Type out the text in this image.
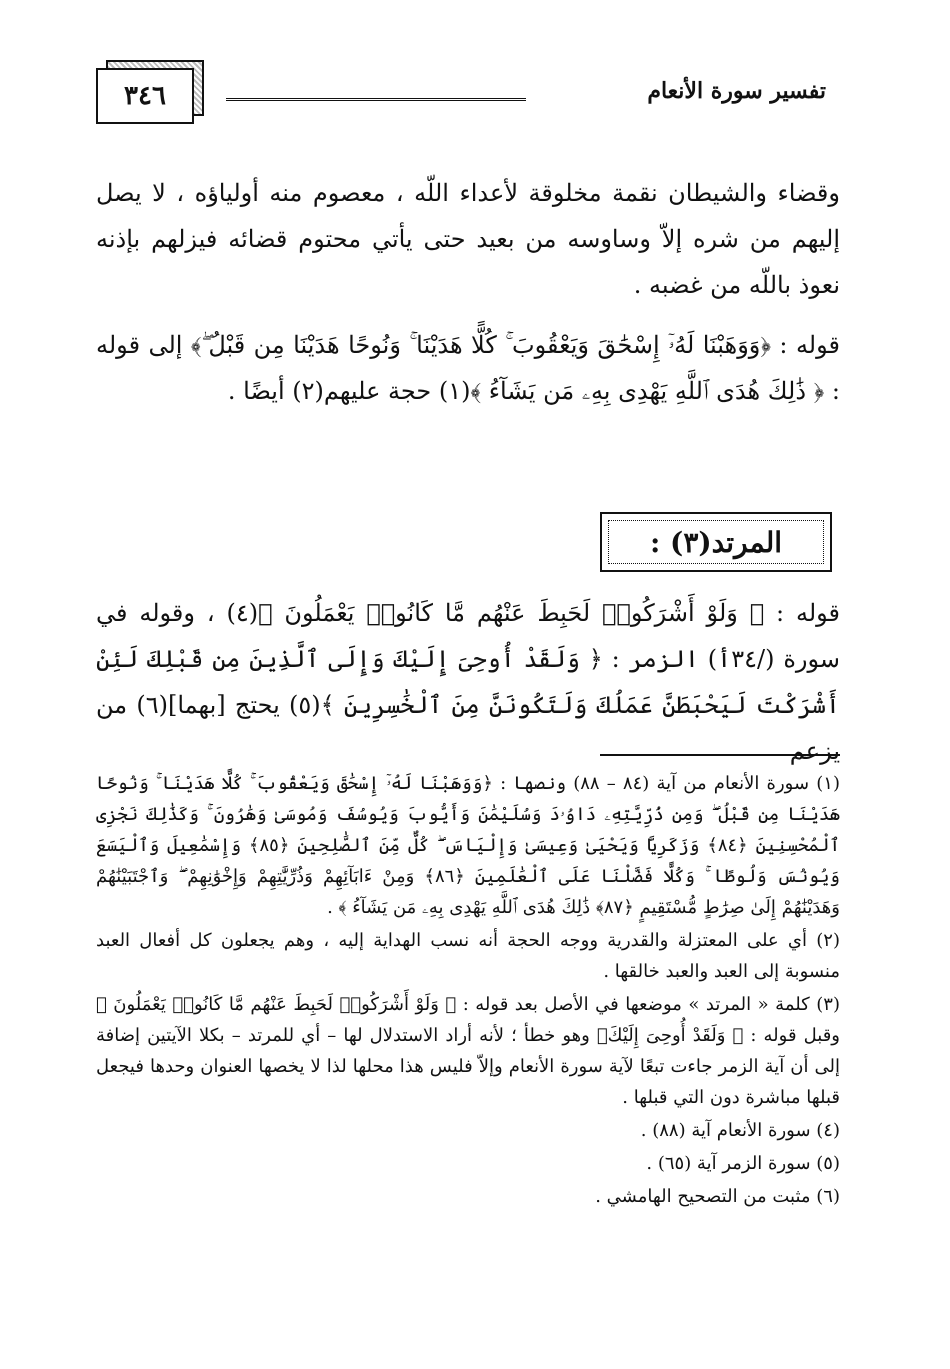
٣٤٦	تفسير سورة الأنعام

وقضاء والشيطان نقمة مخلوقة لأعداء اللّه ، معصوم منه أولياؤه ، لا يصل إليهم من شره إلاّ وساوسه من بعيد حتى يأتي محتوم قضائه فيزلهم بإذنه نعوذ باللّه من غضبه .

قوله : ﴿وَوَهَبْنَا لَهُۥٓ إِسْحَٰقَ وَيَعْقُوبَ ۚ كُلًّا هَدَيْنَا ۚ وَنُوحًا هَدَيْنَا مِن قَبْلُ ۖ﴾ إلى قوله : ﴿ ذَٰلِكَ هُدَى ٱللَّهِ يَهْدِى بِهِۦ مَن يَشَآءُ ﴾(١) حجة عليهم(٢) أيضًا .

المرتد(٣) :

قوله : ﴿ وَلَوْ أَشْرَكُوا۟ لَحَبِطَ عَنْهُم مَّا كَانُوا۟ يَعْمَلُونَ ﴾(٤) ، وقوله في سورة (/٣٤أ) الزمر : ﴿ وَلَقَدْ أُوحِىَ إِلَيْكَ وَإِلَى ٱلَّذِينَ مِن قَبْلِكَ لَئِنْ أَشْرَكْتَ لَيَحْبَطَنَّ عَمَلُكَ وَلَتَكُونَنَّ مِنَ ٱلْخَٰسِرِينَ ﴾(٥) يحتج [بهما](٦) من يزعم

(١) سورة الأنعام من آية (٨٤ – ٨٨) ونصها : ﴿وَوَهَبْنَا لَهُۥٓ إِسْحَٰقَ وَيَعْقُوبَ ۚ كُلًّا هَدَيْنَا ۚ وَنُوحًا هَدَيْنَا مِن قَبْلُ ۖ وَمِن ذُرِّيَّتِهِۦ دَاوُۥدَ وَسُلَيْمَٰنَ وَأَيُّوبَ وَيُوسُفَ وَمُوسَىٰ وَهَٰرُونَ ۚ وَكَذَٰلِكَ نَجْزِى ٱلْمُحْسِنِينَ ﴿٨٤﴾ وَزَكَرِيَّا وَيَحْيَىٰ وَعِيسَىٰ وَإِلْيَاسَ ۖ كُلٌّ مِّنَ ٱلصَّٰلِحِينَ ﴿٨٥﴾ وَإِسْمَٰعِيلَ وَٱلْيَسَعَ وَيُونُسَ وَلُوطًا ۚ وَكُلًّا فَضَّلْنَا عَلَى ٱلْعَٰلَمِينَ ﴿٨٦﴾ وَمِنْ ءَابَآئِهِمْ وَذُرِّيَّٰتِهِمْ وَإِخْوَٰنِهِمْ ۖ وَٱجْتَبَيْنَٰهُمْ وَهَدَيْنَٰهُمْ إِلَىٰ صِرَٰطٍ مُّسْتَقِيمٍ ﴿٨٧﴾ ذَٰلِكَ هُدَى ٱللَّهِ يَهْدِى بِهِۦ مَن يَشَآءُ ﴾ .
(٢) أي على المعتزلة والقدرية ووجه الحجة أنه نسب الهداية إليه ، وهم يجعلون كل أفعال العبد منسوبة إلى العبد والعبد خالقها .
(٣) كلمة « المرتد » موضعها في الأصل بعد قوله : ﴿ وَلَوْ أَشْرَكُوا۟ لَحَبِطَ عَنْهُم مَّا كَانُوا۟ يَعْمَلُونَ ﴾ وقبل قوله : ﴿ وَلَقَدْ أُوحِىَ إِلَيْكَ﴾ وهو خطأ ؛ لأنه أراد الاستدلال لها – أي للمرتد – بكلا الآيتين إضافة إلى أن آية الزمر جاءت تبعًا لآية سورة الأنعام وإلاّ فليس هذا محلها لذا لا يخصها العنوان وحدها فيجعل قبلها مباشرة دون التي قبلها .
(٤) سورة الأنعام آية (٨٨) .
(٥) سورة الزمر آية (٦٥) .
(٦) مثبت من التصحيح الهامشي .
